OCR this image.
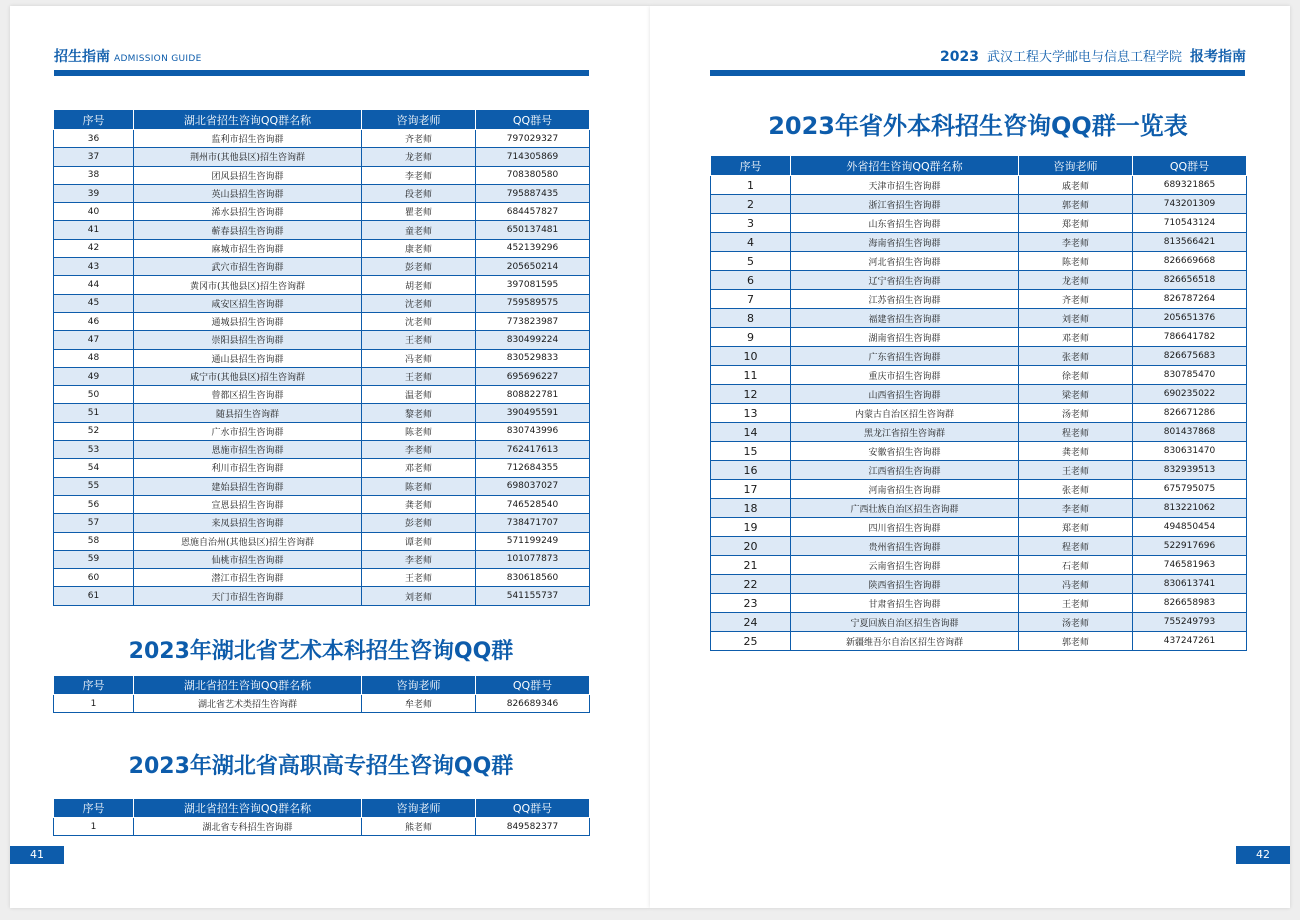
招生指南 ADMISSION GUIDE
序号	湖北省招生咨询QQ群名称	咨询老师	QQ群号
36	监利市招生咨询群	齐老师	797029327
37	荆州市(其他县区)招生咨询群	龙老师	714305869
38	团风县招生咨询群	李老师	708380580
39	英山县招生咨询群	段老师	795887435
40	浠水县招生咨询群	瞿老师	684457827
41	蕲春县招生咨询群	童老师	650137481
42	麻城市招生咨询群	康老师	452139296
43	武穴市招生咨询群	彭老师	205650214
44	黄冈市(其他县区)招生咨询群	胡老师	397081595
45	咸安区招生咨询群	沈老师	759589575
46	通城县招生咨询群	沈老师	773823987
47	崇阳县招生咨询群	王老师	830499224
48	通山县招生咨询群	冯老师	830529833
49	咸宁市(其他县区)招生咨询群	王老师	695696227
50	曾都区招生咨询群	温老师	808822781
51	随县招生咨询群	黎老师	390495591
52	广水市招生咨询群	陈老师	830743996
53	恩施市招生咨询群	李老师	762417613
54	利川市招生咨询群	邓老师	712684355
55	建始县招生咨询群	陈老师	698037027
56	宣恩县招生咨询群	龚老师	746528540
57	来凤县招生咨询群	彭老师	738471707
58	恩施自治州(其他县区)招生咨询群	谭老师	571199249
59	仙桃市招生咨询群	李老师	101077873
60	潜江市招生咨询群	王老师	830618560
61	天门市招生咨询群	刘老师	541155737
2023年湖北省艺术本科招生咨询QQ群
序号	湖北省招生咨询QQ群名称	咨询老师	QQ群号
1	湖北省艺术类招生咨询群	牟老师	826689346
2023年湖北省高职高专招生咨询QQ群
序号	湖北省招生咨询QQ群名称	咨询老师	QQ群号
1	湖北省专科招生咨询群	熊老师	849582377
41
2023 武汉工程大学邮电与信息工程学院 报考指南
2023年省外本科招生咨询QQ群一览表
序号	外省招生咨询QQ群名称	咨询老师	QQ群号
1	天津市招生咨询群	戚老师	689321865
2	浙江省招生咨询群	郭老师	743201309
3	山东省招生咨询群	郑老师	710543124
4	海南省招生咨询群	李老师	813566421
5	河北省招生咨询群	陈老师	826669668
6	辽宁省招生咨询群	龙老师	826656518
7	江苏省招生咨询群	齐老师	826787264
8	福建省招生咨询群	刘老师	205651376
9	湖南省招生咨询群	邓老师	786641782
10	广东省招生咨询群	张老师	826675683
11	重庆市招生咨询群	徐老师	830785470
12	山西省招生咨询群	梁老师	690235022
13	内蒙古自治区招生咨询群	汤老师	826671286
14	黑龙江省招生咨询群	程老师	801437868
15	安徽省招生咨询群	龚老师	830631470
16	江西省招生咨询群	王老师	832939513
17	河南省招生咨询群	张老师	675795075
18	广西壮族自治区招生咨询群	李老师	813221062
19	四川省招生咨询群	郑老师	494850454
20	贵州省招生咨询群	程老师	522917696
21	云南省招生咨询群	石老师	746581963
22	陕西省招生咨询群	冯老师	830613741
23	甘肃省招生咨询群	王老师	826658983
24	宁夏回族自治区招生咨询群	汤老师	755249793
25	新疆维吾尔自治区招生咨询群	郭老师	437247261
42
